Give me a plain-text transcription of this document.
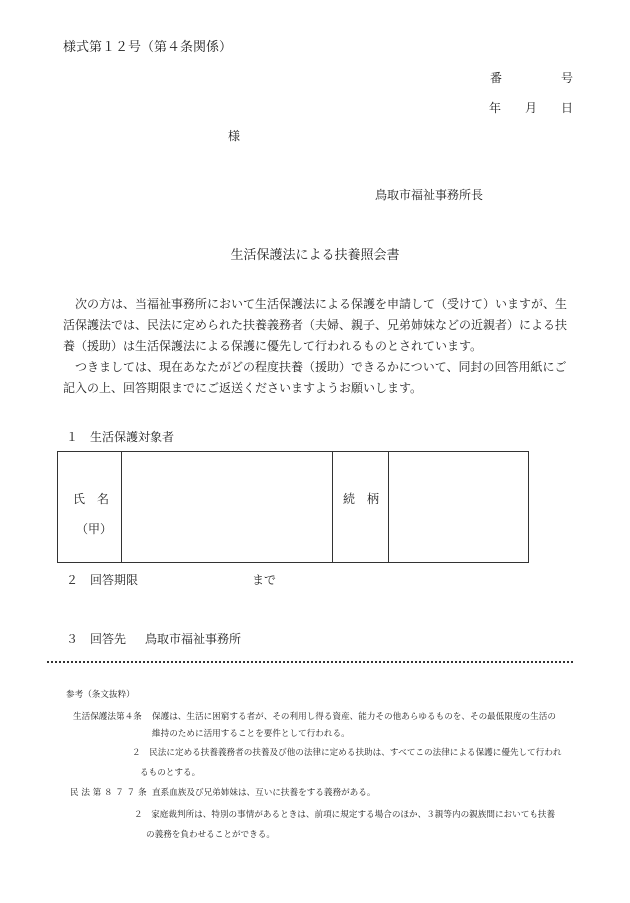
様式第１２号（第４条関係）
番	号
年 月 日
様
鳥取市福祉事務所長
生活保護法による扶養照会書

次の方は、当福祉事務所において生活保護法による保護を申請して（受けて）いますが、生活保護法では、民法に定められた扶養義務者（夫婦、親子、兄弟姉妹などの近親者）による扶養（援助）は生活保護法による保護に優先して行われるものとされています。

つきましては、現在あなたがどの程度扶養（援助）できるかについて、同封の回答用紙にご記入の上、回答期限までにご返送くださいますようお願いします。

１　生活保護対象者
氏　名
（甲）
続　柄
２　回答期限	まで
３　回答先 鳥取市福祉事務所
参考（条文抜粋）
生活保護法第４条 保護は、生活に困窮する者が、その利用し得る資産、能力その他あらゆるものを、その最低限度の生活の
維持のために活用することを要件として行われる。
２　民法に定める扶養義務者の扶養及び他の法律に定める扶助は、すべてこの法律による保護に優先して行われ
るものとする。
民 法 第 ８ ７ ７ 条 直系血族及び兄弟姉妹は、互いに扶養をする義務がある。
２　家庭裁判所は、特別の事情があるときは、前項に規定する場合のほか、３親等内の親族間においても扶養
の義務を負わせることができる。
